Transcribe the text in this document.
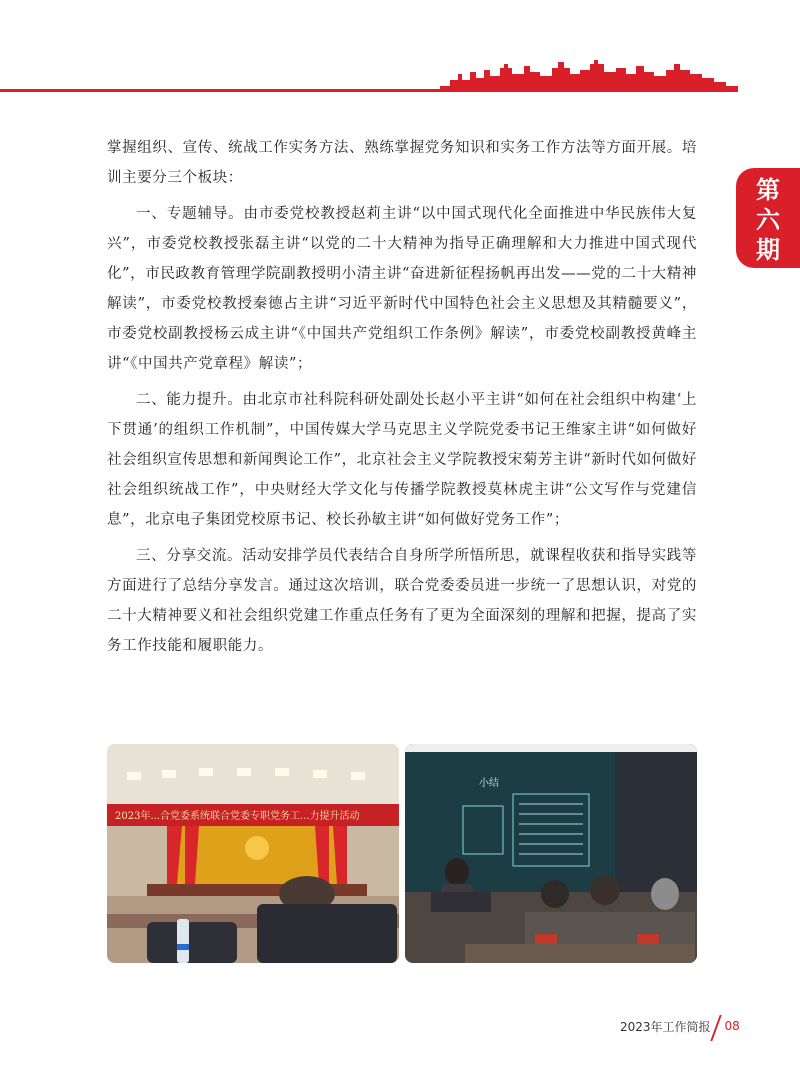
第
六
期

掌握组织、宣传、统战工作实务方法、熟练掌握党务知识和实务工作方法等方面开展。培训主要分三个板块：

一、专题辅导。由市委党校教授赵莉主讲“以中国式现代化全面推进中华民族伟大复兴”，市委党校教授张磊主讲“以党的二十大精神为指导正确理解和大力推进中国式现代化”，市民政教育管理学院副教授明小清主讲“奋进新征程扬帆再出发——党的二十大精神解读”，市委党校教授秦德占主讲“习近平新时代中国特色社会主义思想及其精髓要义”，市委党校副教授杨云成主讲“《中国共产党组织工作条例》解读”，市委党校副教授黄峰主讲“《中国共产党章程》解读”；

二、能力提升。由北京市社科院科研处副处长赵小平主讲“如何在社会组织中构建‘上下贯通’的组织工作机制”，中国传媒大学马克思主义学院党委书记王维家主讲“如何做好社会组织宣传思想和新闻舆论工作”，北京社会主义学院教授宋菊芳主讲“新时代如何做好社会组织统战工作”，中央财经大学文化与传播学院教授莫林虎主讲“公文写作与党建信息”，北京电子集团党校原书记、校长孙敏主讲“如何做好党务工作”；

三、分享交流。活动安排学员代表结合自身所学所悟所思，就课程收获和指导实践等方面进行了总结分享发言。通过这次培训，联合党委委员进一步统一了思想认识，对党的二十大精神要义和社会组织党建工作重点任务有了更为全面深刻的理解和把握，提高了实务工作技能和履职能力。

2023年...合党委系统联合党委专职党务工...力提升活动
小结
2023年工作简报	08
